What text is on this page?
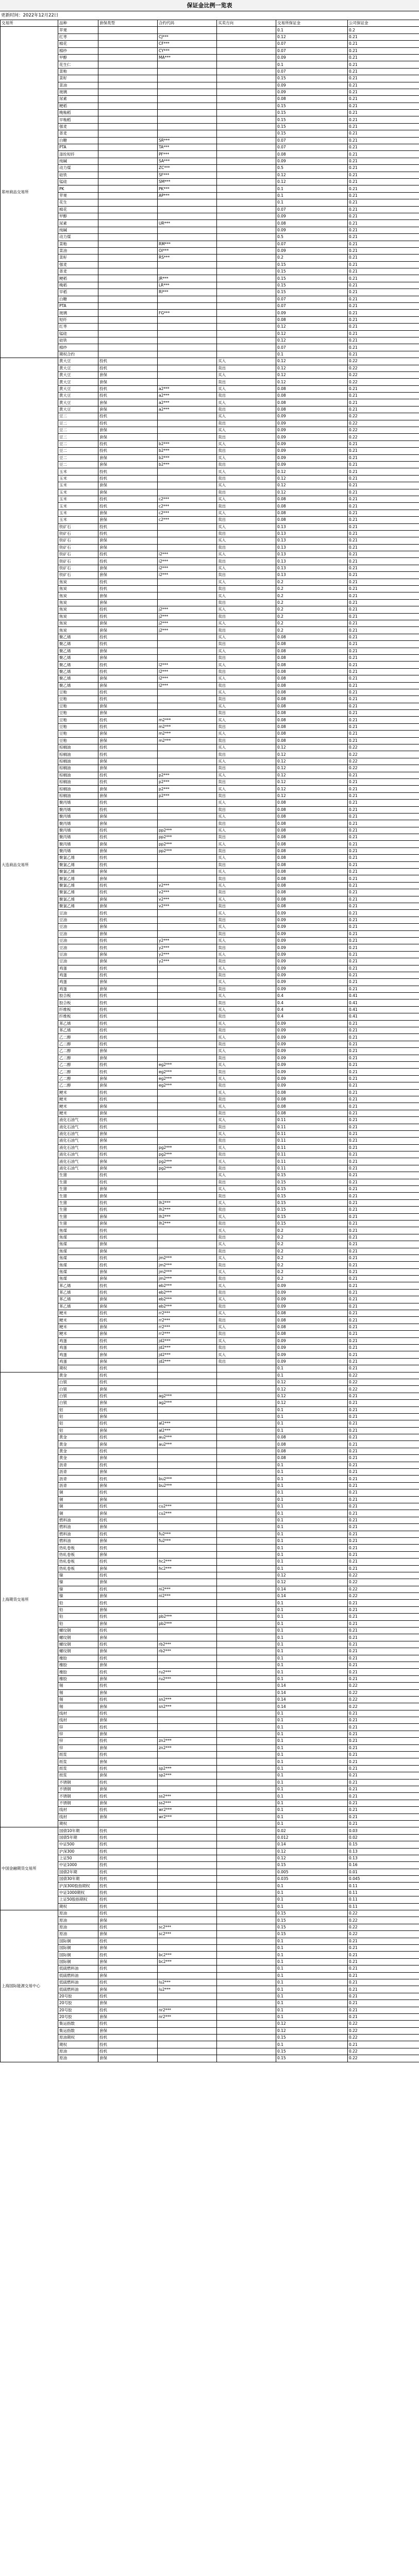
保证金比例一览表
更新时间：2022年12月22日
交易所	品种	套保类型	合约代码	买卖方向	交易所保证金	公司保证金
郑州商品交易所	苹果				0.1	0.2
	红枣		CJ***		0.12	0.21
	棉花		CF***		0.07	0.21
	棉纱		CY***		0.07	0.21
	甲醇		MA***		0.09	0.21
	花生仁				0.1	0.21
	菜粕				0.07	0.21
	菜籽				0.15	0.21
	菜油				0.09	0.21
	玻璃				0.09	0.21
	尿素				0.08	0.21
	粳稻				0.15	0.21
	晚籼稻				0.15	0.21
	早籼稻				0.15	0.21
	强麦				0.15	0.21
	普麦				0.15	0.21
	白糖		SR***		0.07	0.21
	PTA		TA***		0.07	0.21
	涤纶短纤		PF***		0.08	0.21
	纯碱		SA***		0.09	0.21
	动力煤		ZC***		0.5	0.21
	硅铁		SF***		0.12	0.21
	锰硅		SM***		0.12	0.21
	PK		PK***		0.1	0.21
	苹果		AP***		0.1	0.21
	花生				0.1	0.21
	棉花				0.07	0.21
	甲醇				0.09	0.21
	尿素		UR***		0.08	0.21
	纯碱				0.09	0.21
	动力煤				0.5	0.21
	菜粕		RM***		0.07	0.21
	菜油		OI***		0.09	0.21
	菜籽		RS***		0.2	0.21
	强麦				0.15	0.21
	普麦				0.15	0.21
	粳稻		JR***		0.15	0.21
	晚稻		LR***		0.15	0.21
	早稻		RI***		0.15	0.21
	白糖				0.07	0.21
	PTA				0.07	0.21
	玻璃		FG***		0.09	0.21
	短纤				0.08	0.21
	红枣				0.12	0.21
	锰硅				0.12	0.21
	硅铁				0.12	0.21
	棉纱				0.07	0.21
	期权合约				0.1	0.21
大连商品交易所	黄大豆	投机		买入	0.12	0.22
	黄大豆	投机		卖出	0.12	0.22
	黄大豆	套保		买入	0.12	0.22
	黄大豆	套保		卖出	0.12	0.22
	黄大豆	投机	a2***	买入	0.08	0.21
	黄大豆	投机	a2***	卖出	0.08	0.21
	黄大豆	套保	a2***	买入	0.08	0.21
	黄大豆	套保	a2***	卖出	0.08	0.21
	豆二	投机		买入	0.09	0.22
	豆二	投机		卖出	0.09	0.22
	豆二	套保		买入	0.09	0.22
	豆二	套保		卖出	0.09	0.22
	豆二	投机	b2***	买入	0.09	0.21
	豆二	投机	b2***	卖出	0.09	0.21
	豆二	套保	b2***	买入	0.09	0.21
	豆二	套保	b2***	卖出	0.09	0.21
	玉米	投机		买入	0.12	0.21
	玉米	投机		卖出	0.12	0.21
	玉米	套保		买入	0.12	0.21
	玉米	套保		卖出	0.12	0.21
	玉米	投机	c2***	买入	0.08	0.21
	玉米	投机	c2***	卖出	0.08	0.21
	玉米	套保	c2***	买入	0.08	0.21
	玉米	套保	c2***	卖出	0.08	0.21
	铁矿石	投机		买入	0.13	0.21
	铁矿石	投机		卖出	0.13	0.21
	铁矿石	套保		买入	0.13	0.21
	铁矿石	套保		卖出	0.13	0.21
	铁矿石	投机	i2***	买入	0.13	0.21
	铁矿石	投机	i2***	卖出	0.13	0.21
	铁矿石	套保	i2***	买入	0.13	0.21
	铁矿石	套保	i2***	卖出	0.13	0.21
	焦炭	投机		买入	0.2	0.21
	焦炭	投机		卖出	0.2	0.21
	焦炭	套保		买入	0.2	0.21
	焦炭	套保		卖出	0.2	0.21
	焦炭	投机	j2***	买入	0.2	0.21
	焦炭	投机	j2***	卖出	0.2	0.21
	焦炭	套保	j2***	买入	0.2	0.21
	焦炭	套保	j2***	卖出	0.2	0.21
	聚乙烯	投机		买入	0.08	0.21
	聚乙烯	投机		卖出	0.08	0.21
	聚乙烯	套保		买入	0.08	0.21
	聚乙烯	套保		卖出	0.08	0.21
	聚乙烯	投机	l2***	买入	0.08	0.21
	聚乙烯	投机	l2***	卖出	0.08	0.21
	聚乙烯	套保	l2***	买入	0.08	0.21
	聚乙烯	套保	l2***	卖出	0.08	0.21
	豆粕	投机		买入	0.08	0.21
	豆粕	投机		卖出	0.08	0.21
	豆粕	套保		买入	0.08	0.21
	豆粕	套保		卖出	0.08	0.21
	豆粕	投机	m2***	买入	0.08	0.21
	豆粕	投机	m2***	卖出	0.08	0.21
	豆粕	套保	m2***	买入	0.08	0.21
	豆粕	套保	m2***	卖出	0.08	0.21
	棕榈油	投机		买入	0.12	0.22
	棕榈油	投机		卖出	0.12	0.22
	棕榈油	套保		买入	0.12	0.22
	棕榈油	套保		卖出	0.12	0.22
	棕榈油	投机	p2***	买入	0.12	0.21
	棕榈油	投机	p2***	卖出	0.12	0.21
	棕榈油	套保	p2***	买入	0.12	0.21
	棕榈油	套保	p2***	卖出	0.12	0.21
	聚丙烯	投机		买入	0.08	0.21
	聚丙烯	投机		卖出	0.08	0.21
	聚丙烯	套保		买入	0.08	0.21
	聚丙烯	套保		卖出	0.08	0.21
	聚丙烯	投机	pp2***	买入	0.08	0.21
	聚丙烯	投机	pp2***	卖出	0.08	0.21
	聚丙烯	套保	pp2***	买入	0.08	0.21
	聚丙烯	套保	pp2***	卖出	0.08	0.21
	聚氯乙烯	投机		买入	0.08	0.21
	聚氯乙烯	投机		卖出	0.08	0.21
	聚氯乙烯	套保		买入	0.08	0.21
	聚氯乙烯	套保		卖出	0.08	0.21
	聚氯乙烯	投机	v2***	买入	0.08	0.21
	聚氯乙烯	投机	v2***	卖出	0.08	0.21
	聚氯乙烯	套保	v2***	买入	0.08	0.21
	聚氯乙烯	套保	v2***	卖出	0.08	0.21
	豆油	投机		买入	0.09	0.21
	豆油	投机		卖出	0.09	0.21
	豆油	套保		买入	0.09	0.21
	豆油	套保		卖出	0.09	0.21
	豆油	投机	y2***	买入	0.09	0.21
	豆油	投机	y2***	卖出	0.09	0.21
	豆油	套保	y2***	买入	0.09	0.21
	豆油	套保	y2***	卖出	0.09	0.21
	鸡蛋	投机		买入	0.09	0.21
	鸡蛋	投机		卖出	0.09	0.21
	鸡蛋	套保		买入	0.09	0.21
	鸡蛋	套保		卖出	0.09	0.21
	胶合板	投机		买入	0.4	0.41
	胶合板	投机		卖出	0.4	0.41
	纤维板	投机		买入	0.4	0.41
	纤维板	投机		卖出	0.4	0.41
	苯乙烯	投机		买入	0.09	0.21
	苯乙烯	投机		卖出	0.09	0.21
	乙二醇	投机		买入	0.09	0.21
	乙二醇	投机		卖出	0.09	0.21
	乙二醇	套保		买入	0.09	0.21
	乙二醇	套保		卖出	0.09	0.21
	乙二醇	投机	eg2***	买入	0.09	0.21
	乙二醇	投机	eg2***	卖出	0.09	0.21
	乙二醇	套保	eg2***	买入	0.09	0.21
	乙二醇	套保	eg2***	卖出	0.09	0.21
	粳米	投机		买入	0.08	0.21
	粳米	投机		卖出	0.08	0.21
	粳米	套保		买入	0.08	0.21
	粳米	套保		卖出	0.08	0.21
	液化石油气	投机		买入	0.11	0.21
	液化石油气	投机		卖出	0.11	0.21
	液化石油气	套保		买入	0.11	0.21
	液化石油气	套保		卖出	0.11	0.21
	液化石油气	投机	pg2***	买入	0.11	0.21
	液化石油气	投机	pg2***	卖出	0.11	0.21
	液化石油气	套保	pg2***	买入	0.11	0.21
	液化石油气	套保	pg2***	卖出	0.11	0.21
	生猪	投机		买入	0.15	0.21
	生猪	投机		卖出	0.15	0.21
	生猪	套保		买入	0.15	0.21
	生猪	套保		卖出	0.15	0.21
	生猪	投机	lh2***	买入	0.15	0.21
	生猪	投机	lh2***	卖出	0.15	0.21
	生猪	套保	lh2***	买入	0.15	0.21
	生猪	套保	lh2***	卖出	0.15	0.21
	焦煤	投机		买入	0.2	0.21
	焦煤	投机		卖出	0.2	0.21
	焦煤	套保		买入	0.2	0.21
	焦煤	套保		卖出	0.2	0.21
	焦煤	投机	jm2***	买入	0.2	0.21
	焦煤	投机	jm2***	卖出	0.2	0.21
	焦煤	套保	jm2***	买入	0.2	0.21
	焦煤	套保	jm2***	卖出	0.2	0.21
	苯乙烯	投机	eb2***	买入	0.09	0.21
	苯乙烯	投机	eb2***	卖出	0.09	0.21
	苯乙烯	套保	eb2***	买入	0.09	0.21
	苯乙烯	套保	eb2***	卖出	0.09	0.21
	粳米	投机	rr2***	买入	0.08	0.21
	粳米	投机	rr2***	卖出	0.08	0.21
	粳米	套保	rr2***	买入	0.08	0.21
	粳米	套保	rr2***	卖出	0.08	0.21
	鸡蛋	投机	jd2***	买入	0.09	0.21
	鸡蛋	投机	jd2***	卖出	0.09	0.21
	鸡蛋	套保	jd2***	买入	0.09	0.21
	鸡蛋	套保	jd2***	卖出	0.09	0.21
	期权	投机			0.1	0.21
上海期货交易所	黄金	投机			0.1	0.22
	白银	投机			0.12	0.22
	白银	套保			0.12	0.22
	白银	投机	ag2***		0.12	0.21
	白银	套保	ag2***		0.12	0.21
	铝	投机			0.1	0.21
	铝	套保			0.1	0.21
	铝	投机	al2***		0.1	0.21
	铝	套保	al2***		0.1	0.21
	黄金	投机	au2***		0.08	0.21
	黄金	套保	au2***		0.08	0.21
	黄金	投机			0.08	0.21
	黄金	套保			0.08	0.21
	沥青	投机			0.1	0.21
	沥青	套保			0.1	0.21
	沥青	投机	bu2***		0.1	0.21
	沥青	套保	bu2***		0.1	0.21
	铜	投机			0.1	0.21
	铜	套保			0.1	0.21
	铜	投机	cu2***		0.1	0.21
	铜	套保	cu2***		0.1	0.21
	燃料油	投机			0.1	0.21
	燃料油	套保			0.1	0.21
	燃料油	投机	fu2***		0.1	0.21
	燃料油	套保	fu2***		0.1	0.21
	热轧卷板	投机			0.1	0.21
	热轧卷板	套保			0.1	0.21
	热轧卷板	投机	hc2***		0.1	0.21
	热轧卷板	套保	hc2***		0.1	0.21
	镍	投机			0.12	0.22
	镍	套保			0.12	0.22
	镍	投机	ni2***		0.14	0.22
	镍	套保	ni2***		0.14	0.22
	铅	投机			0.1	0.21
	铅	套保			0.1	0.21
	铅	投机	pb2***		0.1	0.21
	铅	套保	pb2***		0.1	0.21
	螺纹钢	投机			0.1	0.21
	螺纹钢	套保			0.1	0.21
	螺纹钢	投机	rb2***		0.1	0.21
	螺纹钢	套保	rb2***		0.1	0.21
	橡胶	投机			0.1	0.21
	橡胶	套保			0.1	0.21
	橡胶	投机	ru2***		0.1	0.21
	橡胶	套保	ru2***		0.1	0.21
	锡	投机			0.14	0.22
	锡	套保			0.14	0.22
	锡	投机	sn2***		0.14	0.22
	锡	套保	sn2***		0.14	0.22
	线材	投机			0.1	0.21
	线材	套保			0.1	0.21
	锌	投机			0.1	0.21
	锌	套保			0.1	0.21
	锌	投机	zn2***		0.1	0.21
	锌	套保	zn2***		0.1	0.21
	纸浆	投机			0.1	0.21
	纸浆	套保			0.1	0.21
	纸浆	投机	sp2***		0.1	0.21
	纸浆	套保	sp2***		0.1	0.21
	不锈钢	投机			0.1	0.21
	不锈钢	套保			0.1	0.21
	不锈钢	投机	ss2***		0.1	0.21
	不锈钢	套保	ss2***		0.1	0.21
	线材	投机	wr2***		0.1	0.21
	线材	套保	wr2***		0.1	0.21
	期权				0.1	0.21
中国金融期货交易所	国债10年期	投机			0.02	0.03
	国债5年期	投机			0.012	0.02
	中证500	投机			0.14	0.15
	沪深300	投机			0.12	0.13
	上证50	投机			0.12	0.13
	中证1000	投机			0.15	0.16
	国债2年期	投机			0.005	0.01
	国债30年期	投机			0.035	0.045
	沪深300股指期权	投机			0.1	0.11
	中证1000期权	投机			0.1	0.11
	上证50股指期权	投机			0.1	0.11
	期权	投机			0.1	0.11
上海国际能源交易中心	原油	投机			0.15	0.22
	原油	套保			0.15	0.22
	原油	投机	sc2***		0.15	0.22
	原油	套保	sc2***		0.15	0.22
	国际铜	投机			0.1	0.21
	国际铜	套保			0.1	0.21
	国际铜	投机	bc2***		0.1	0.21
	国际铜	套保	bc2***		0.1	0.21
	低硫燃料油	投机			0.1	0.21
	低硫燃料油	套保			0.1	0.21
	低硫燃料油	投机	lu2***		0.1	0.21
	低硫燃料油	套保	lu2***		0.1	0.21
	20号胶	投机			0.1	0.21
	20号胶	套保			0.1	0.21
	20号胶	投机	nr2***		0.1	0.21
	20号胶	套保	nr2***		0.1	0.21
	集运指数	投机			0.12	0.22
	集运指数	套保			0.12	0.22
	原油期权	投机			0.15	0.22
	期权	投机			0.1	0.21
	原油	投机			0.15	0.22
	原油	套保			0.15	0.22
